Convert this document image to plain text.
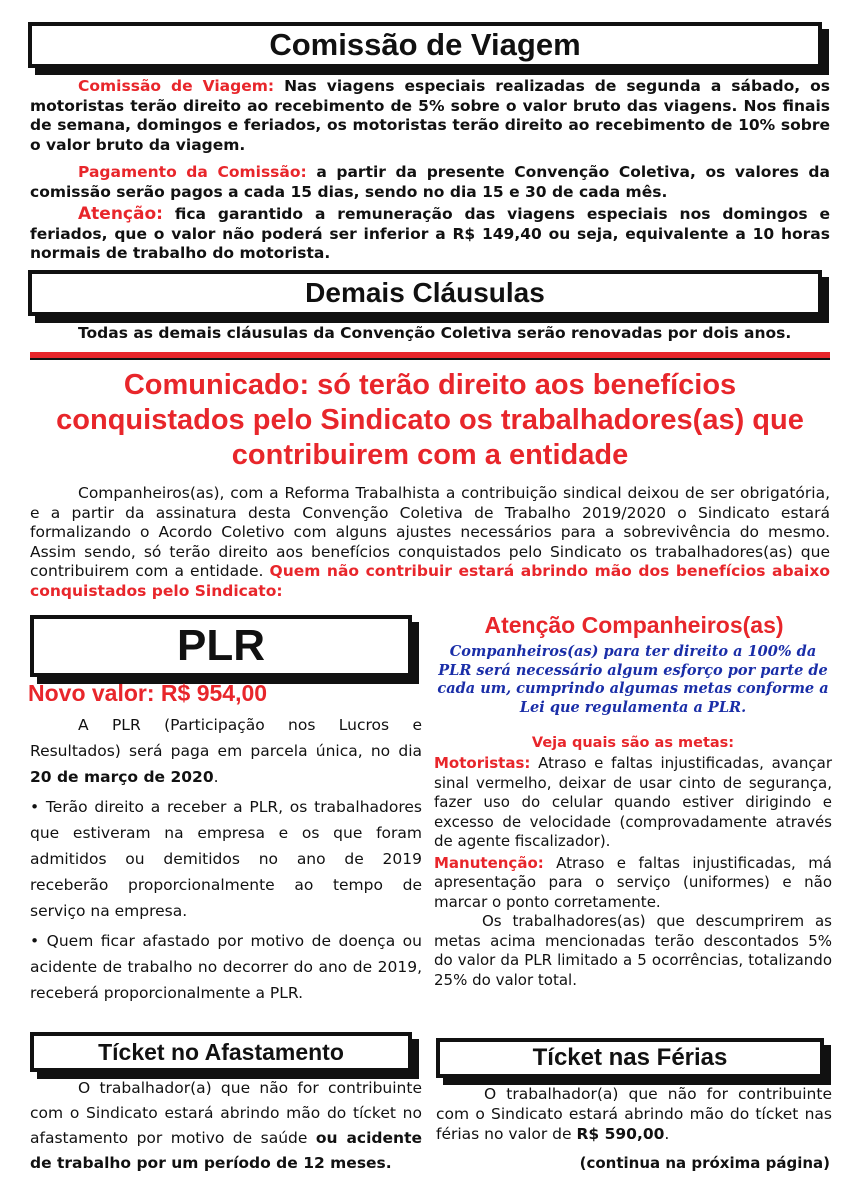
Comissão de Viagem
Comissão de Viagem: Nas viagens especiais realizadas de segunda a sábado, os motoristas terão direito ao recebimento de 5% sobre o valor bruto das viagens. Nos finais de semana, domingos e feriados, os motoristas terão direito ao recebimento de 10% sobre o valor bruto da viagem.
Pagamento da Comissão: a partir da presente Convenção Coletiva, os valores da comissão serão pagos a cada 15 dias, sendo no dia 15 e 30 de cada mês.
Atenção: fica garantido a remuneração das viagens especiais nos domingos e feriados, que o valor não poderá ser inferior a R$ 149,40 ou seja, equivalente a 10 horas normais de trabalho do motorista.
Demais Cláusulas
Todas as demais cláusulas da Convenção Coletiva serão renovadas por dois anos.
Comunicado: só terão direito aos benefícios conquistados pelo Sindicato os trabalhadores(as) que contribuirem com a entidade
Companheiros(as), com a Reforma Trabalhista a contribuição sindical deixou de ser obrigatória, e a partir da assinatura desta Convenção Coletiva de Trabalho 2019/2020 o Sindicato estará formalizando o Acordo Coletivo com alguns ajustes necessários para a sobrevivência do mesmo. Assim sendo, só terão direito aos benefícios conquistados pelo Sindicato os trabalhadores(as) que contribuirem com a entidade. Quem não contribuir estará abrindo mão dos benefícios abaixo conquistados pelo Sindicato:
PLR
Novo valor: R$ 954,00
A PLR (Participação nos Lucros e Resultados) será paga em parcela única, no dia 20 de março de 2020.
• Terão direito a receber a PLR, os trabalhadores que estiveram na empresa e os que foram admitidos ou demitidos no ano de 2019 receberão proporcionalmente ao tempo de serviço na empresa.
• Quem ficar afastado por motivo de doença ou acidente de trabalho no decorrer do ano de 2019, receberá proporcionalmente a PLR.
Atenção Companheiros(as)
Companheiros(as) para ter direito a 100% da PLR será necessário algum esforço por parte de cada um, cumprindo algumas metas conforme a Lei que regulamenta a PLR.
Veja quais são as metas:
Motoristas: Atraso e faltas injustificadas, avançar sinal vermelho, deixar de usar cinto de segurança, fazer uso do celular quando estiver dirigindo e excesso de velocidade (comprovadamente através de agente fiscalizador).
Manutenção: Atraso e faltas injustificadas, má apresentação para o serviço (uniformes) e não marcar o ponto corretamente.
Os trabalhadores(as) que descumprirem as metas acima mencionadas terão descontados 5% do valor da PLR limitado a 5 ocorrências, totalizando 25% do valor total.
Tícket no Afastamento
O trabalhador(a) que não for contribuinte com o Sindicato estará abrindo mão do tícket no afastamento por motivo de saúde ou acidente de trabalho por um período de 12 meses.
Tícket nas Férias
O trabalhador(a) que não for contribuinte com o Sindicato estará abrindo mão do tícket nas férias no valor de R$ 590,00.
(continua na próxima página)
